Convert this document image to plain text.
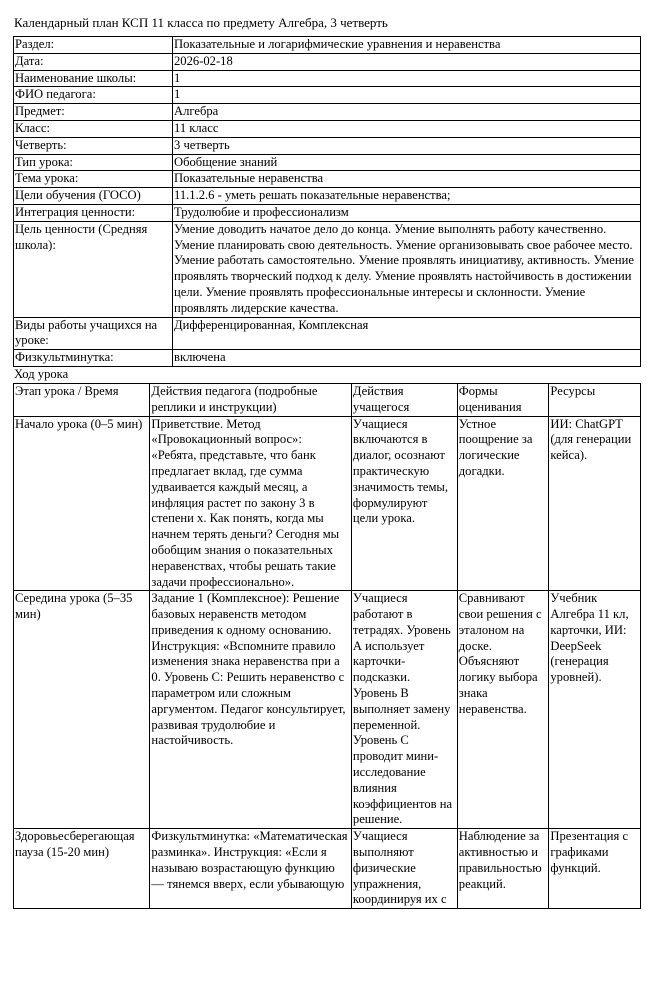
Календарный план КСП 11 класса по предмету Алгебра, 3 четверть
Раздел:	Показательные и логарифмические уравнения и неравенства
Дата:	2026-02-18
Наименование школы:	1
ФИО педагога:	1
Предмет:	Алгебра
Класс:	11 класс
Четверть:	3 четверть
Тип урока:	Обобщение знаний
Тема урока:	Показательные неравенства
Цели обучения (ГОСО)	11.1.2.6 - уметь решать показательные неравенства;
Интеграция ценности:	Трудолюбие и профессионализм
Цель ценности (Средняя школа):	Умение доводить начатое дело до конца. Умение выполнять работу качественно. Умение планировать свою деятельность. Умение организовывать свое рабочее место. Умение работать самостоятельно. Умение проявлять инициативу, активность. Умение проявлять творческий подход к делу. Умение проявлять настойчивость в достижении цели. Умение проявлять профессиональные интересы и склонности. Умение проявлять лидерские качества.
Виды работы учащихся на уроке:	Дифференцированная, Комплексная
Физкультминутка:	включена
Ход урока
Этап урока / Время	Действия педагога (подробные реплики и инструкции)	Действия учащегося	Формы оценивания	Ресурсы
Начало урока (0–5 мин)	Приветствие. Метод «Провокационный вопрос»: «Ребята, представьте, что банк предлагает вклад, где сумма удваивается каждый месяц, а инфляция растет по закону 3 в степени x. Как понять, когда мы начнем терять деньги? Сегодня мы обобщим знания о показательных неравенствах, чтобы решать такие задачи профессионально».	Учащиеся включаются в диалог, осознают практическую значимость темы, формулируют цели урока.	Устное поощрение за логические догадки.	ИИ: ChatGPT (для генерации кейса).
Середина урока (5–35 мин)	Задание 1 (Комплексное): Решение базовых неравенств методом приведения к одному основанию. Инструкция: «Вспомните правило изменения знака неравенства при a 0. Уровень С: Решить неравенство с параметром или сложным аргументом. Педагог консультирует, развивая трудолюбие и настойчивость.	Учащиеся работают в тетрадях. Уровень А использует карточки-подсказки. Уровень В выполняет замену переменной. Уровень С проводит мини-исследование влияния коэффициентов на решение.	Сравнивают свои решения с эталоном на доске. Объясняют логику выбора знака неравенства.	Учебник Алгебра 11 кл, карточки, ИИ: DeepSeek (генерация уровней).
Здоровьесберегающая пауза (15-20 мин)	Физкультминутка: «Математическая разминка». Инструкция: «Если я называю возрастающую функцию — тянемся вверх, если убывающую	Учащиеся выполняют физические упражнения, координируя их с	Наблюдение за активностью и правильностью реакций.	Презентация с графиками функций.
